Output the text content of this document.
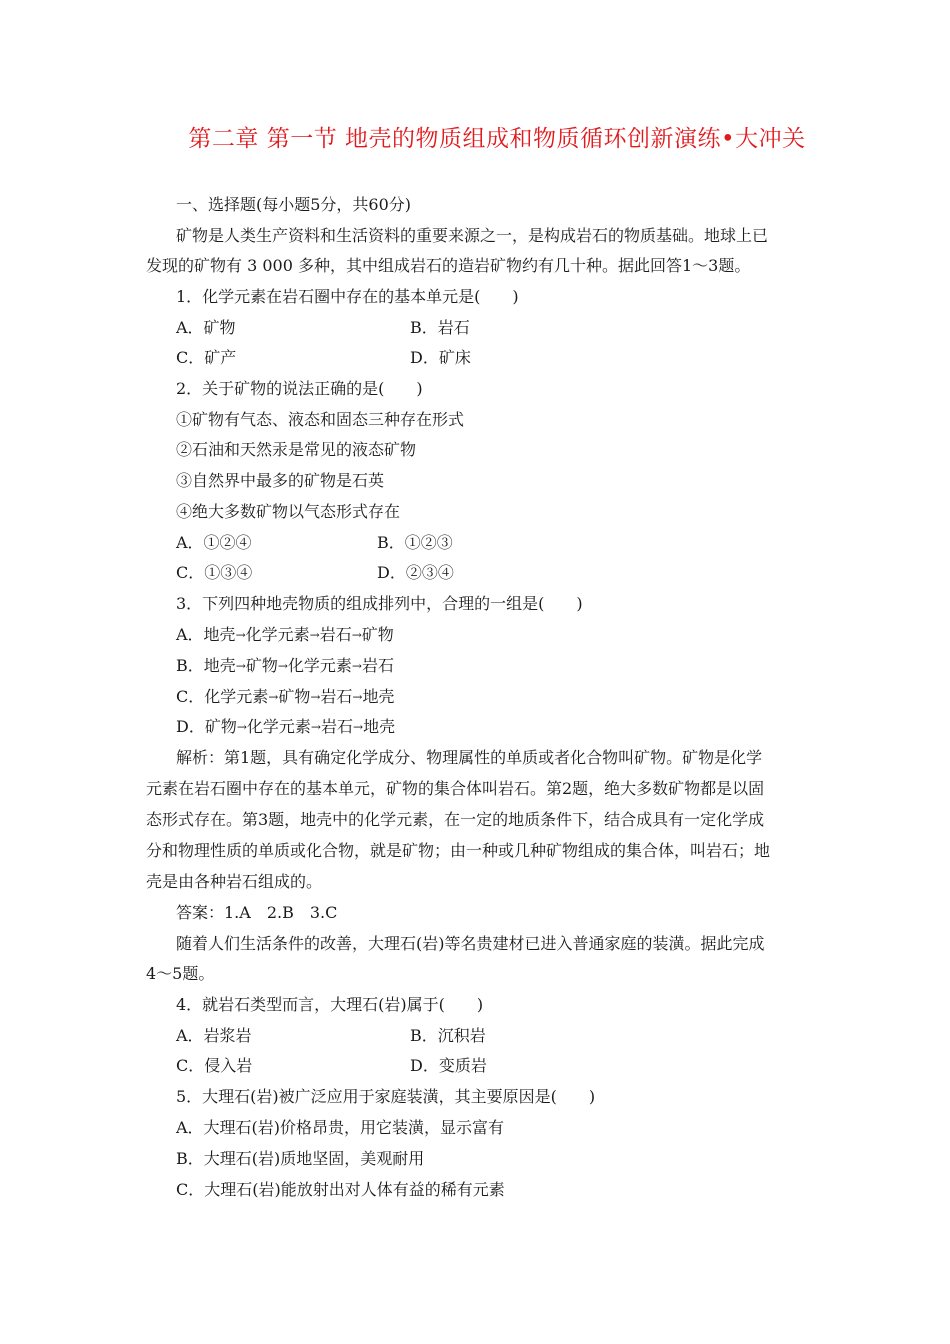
第二章 第一节 地壳的物质组成和物质循环创新演练•大冲关
一、选择题(每小题5分，共60分)
矿物是人类生产资料和生活资料的重要来源之一，是构成岩石的物质基础。地球上已
发现的矿物有 3 000 多种，其中组成岩石的造岩矿物约有几十种。据此回答1～3题。
1．化学元素在岩石圈中存在的基本单元是(　　)
A．矿物	B．岩石
C．矿产	D．矿床
2．关于矿物的说法正确的是(　　)
①矿物有气态、液态和固态三种存在形式
②石油和天然汞是常见的液态矿物
③自然界中最多的矿物是石英
④绝大多数矿物以气态形式存在
A．①②④	B．①②③
C．①③④	D．②③④
3．下列四种地壳物质的组成排列中，合理的一组是(　　)
A．地壳→化学元素→岩石→矿物
B．地壳→矿物→化学元素→岩石
C．化学元素→矿物→岩石→地壳
D．矿物→化学元素→岩石→地壳
解析：第1题，具有确定化学成分、物理属性的单质或者化合物叫矿物。矿物是化学
元素在岩石圈中存在的基本单元，矿物的集合体叫岩石。第2题，绝大多数矿物都是以固
态形式存在。第3题，地壳中的化学元素，在一定的地质条件下，结合成具有一定化学成
分和物理性质的单质或化合物，就是矿物；由一种或几种矿物组成的集合体，叫岩石；地
壳是由各种岩石组成的。
答案：1.A　2.B　3.C
随着人们生活条件的改善，大理石(岩)等名贵建材已进入普通家庭的装潢。据此完成
4～5题。
4．就岩石类型而言，大理石(岩)属于(　　)
A．岩浆岩	B．沉积岩
C．侵入岩	D．变质岩
5．大理石(岩)被广泛应用于家庭装潢，其主要原因是(　　)
A．大理石(岩)价格昂贵，用它装潢，显示富有
B．大理石(岩)质地坚固，美观耐用
C．大理石(岩)能放射出对人体有益的稀有元素
